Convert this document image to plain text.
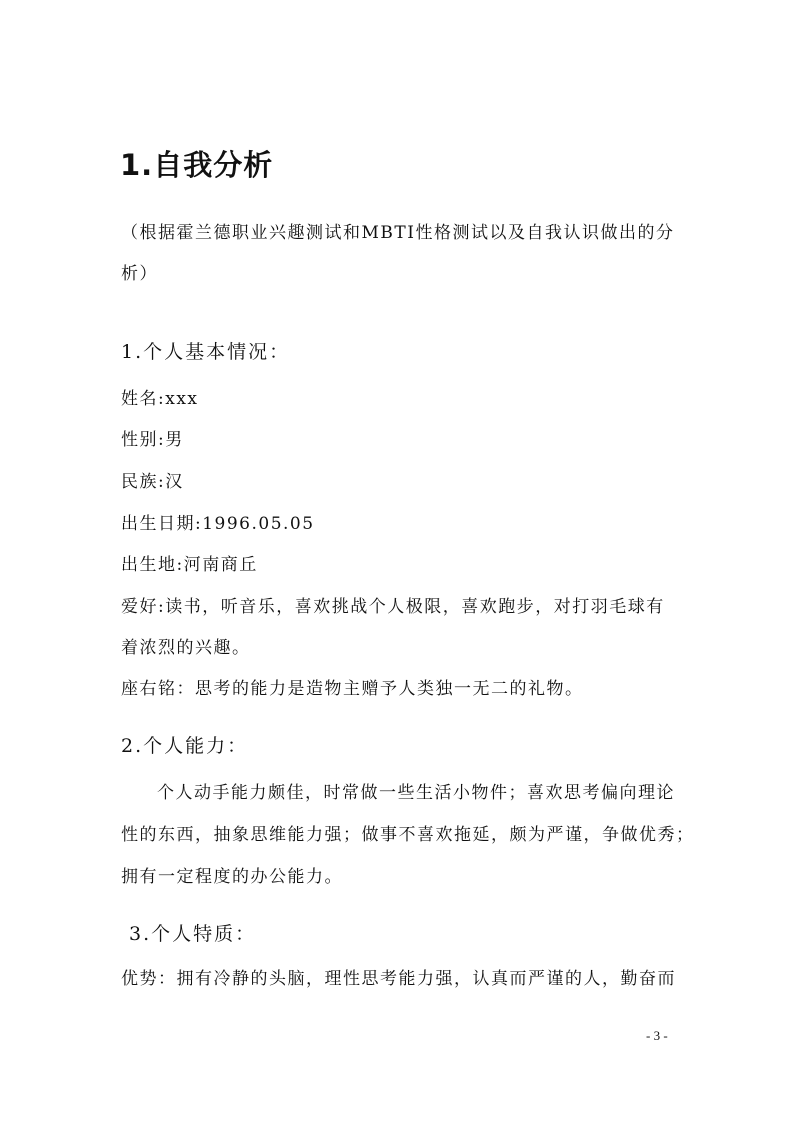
1.自我分析
（根据霍兰德职业兴趣测试和MBTI性格测试以及自我认识做出的分
析）
1.个人基本情况：
姓名:xxx
性别:男
民族:汉
出生日期:1996.05.05
出生地:河南商丘
爱好:读书，听音乐，喜欢挑战个人极限，喜欢跑步，对打羽毛球有
着浓烈的兴趣。
座右铭：思考的能力是造物主赠予人类独一无二的礼物。
2.个人能力：
个人动手能力颇佳，时常做一些生活小物件；喜欢思考偏向理论
性的东西，抽象思维能力强；做事不喜欢拖延，颇为严谨，争做优秀；
拥有一定程度的办公能力。
3.个人特质：
优势：拥有冷静的头脑，理性思考能力强，认真而严谨的人，勤奋而
- 3 -
